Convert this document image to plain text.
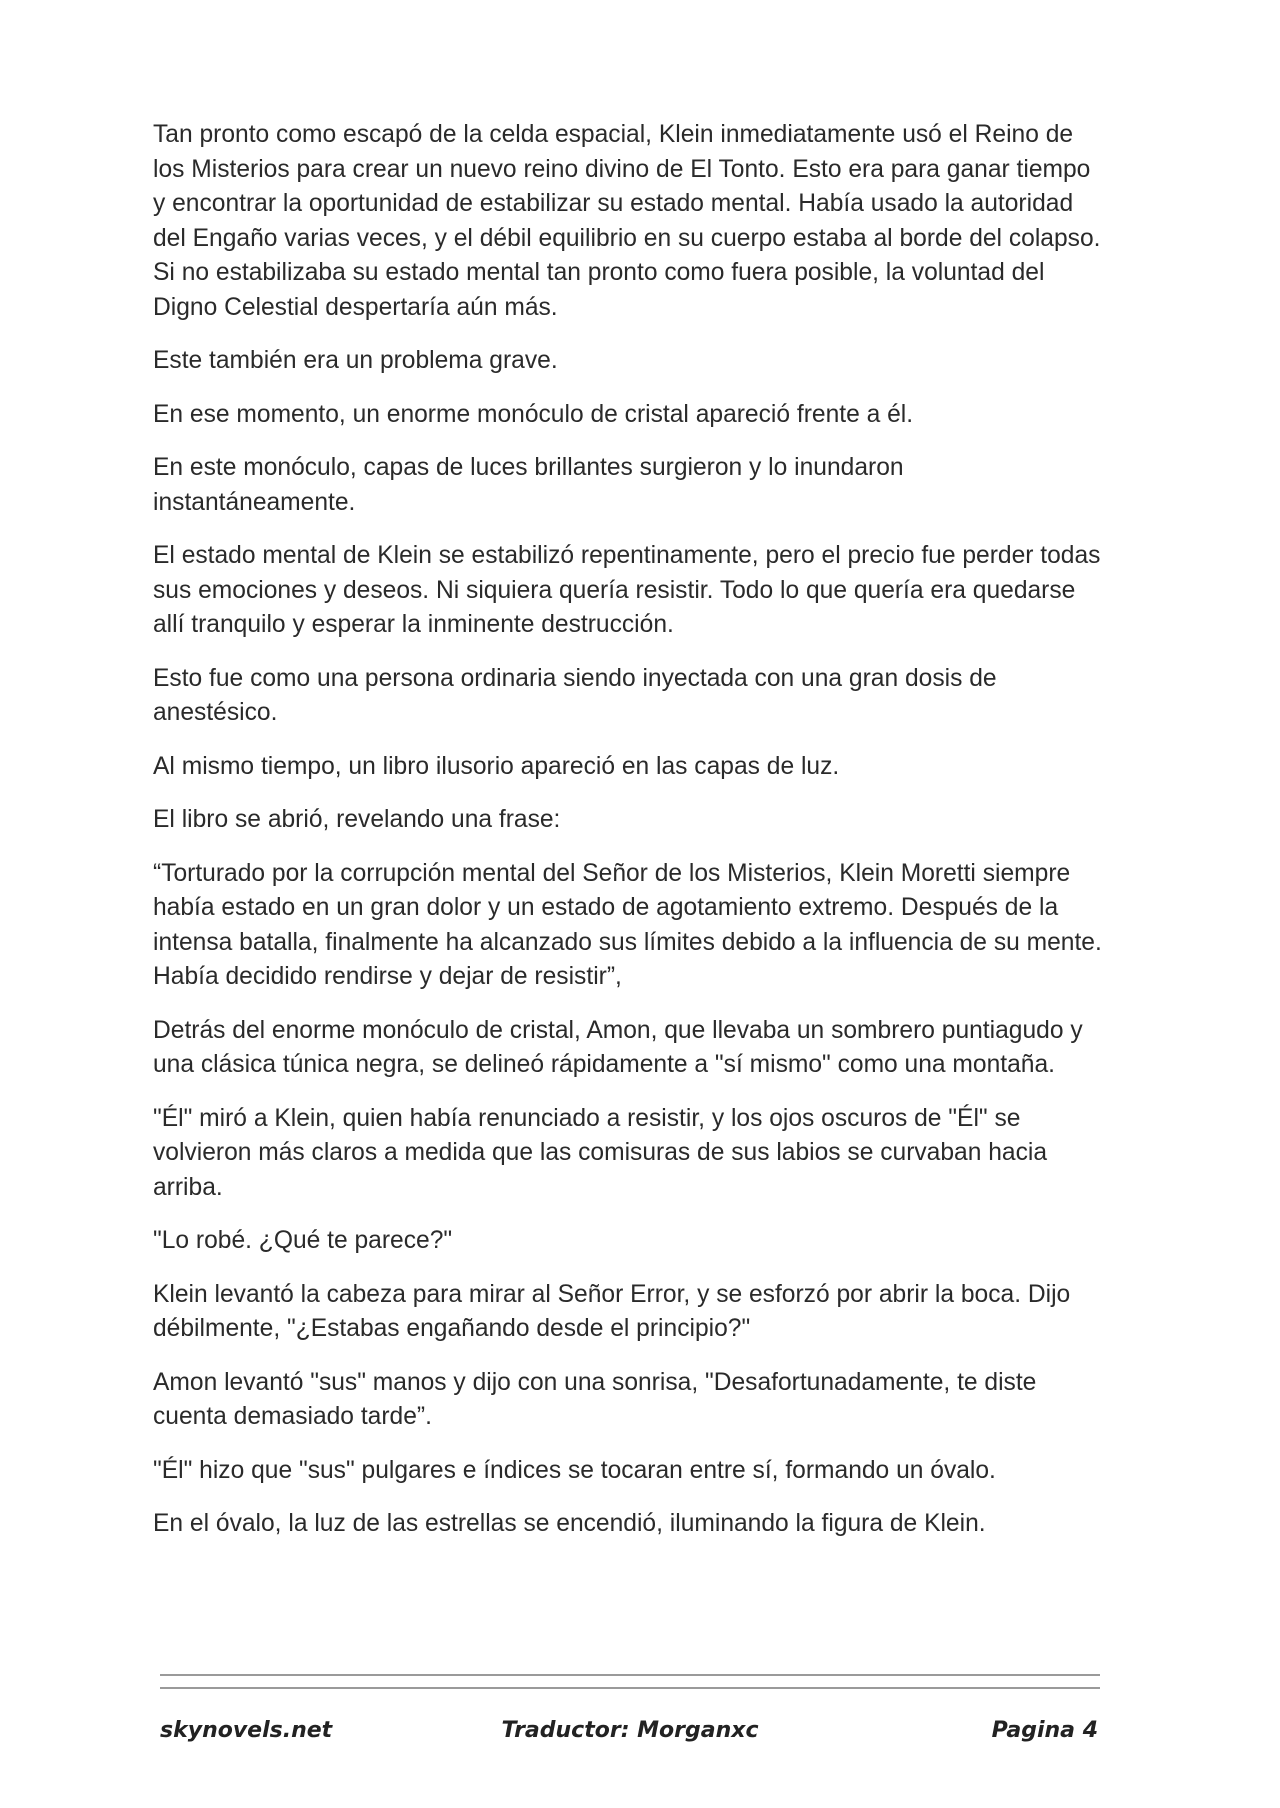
Tan pronto como escapó de la celda espacial, Klein inmediatamente usó el Reino de los Misterios para crear un nuevo reino divino de El Tonto. Esto era para ganar tiempo y encontrar la oportunidad de estabilizar su estado mental. Había usado la autoridad del Engaño varias veces, y el débil equilibrio en su cuerpo estaba al borde del colapso. Si no estabilizaba su estado mental tan pronto como fuera posible, la voluntad del Digno Celestial despertaría aún más.

Este también era un problema grave.

En ese momento, un enorme monóculo de cristal apareció frente a él.

En este monóculo, capas de luces brillantes surgieron y lo inundaron instantáneamente.

El estado mental de Klein se estabilizó repentinamente, pero el precio fue perder todas sus emociones y deseos. Ni siquiera quería resistir. Todo lo que quería era quedarse allí tranquilo y esperar la inminente destrucción.

Esto fue como una persona ordinaria siendo inyectada con una gran dosis de anestésico.

Al mismo tiempo, un libro ilusorio apareció en las capas de luz.

El libro se abrió, revelando una frase:

“Torturado por la corrupción mental del Señor de los Misterios, Klein Moretti siempre había estado en un gran dolor y un estado de agotamiento extremo. Después de la intensa batalla, finalmente ha alcanzado sus límites debido a la influencia de su mente. Había decidido rendirse y dejar de resistir”,

Detrás del enorme monóculo de cristal, Amon, que llevaba un sombrero puntiagudo y una clásica túnica negra, se delineó rápidamente a "sí mismo" como una montaña.

"Él" miró a Klein, quien había renunciado a resistir, y los ojos oscuros de "Él" se volvieron más claros a medida que las comisuras de sus labios se curvaban hacia arriba.

"Lo robé. ¿Qué te parece?"

Klein levantó la cabeza para mirar al Señor Error, y se esforzó por abrir la boca. Dijo débilmente, "¿Estabas engañando desde el principio?"

Amon levantó "sus" manos y dijo con una sonrisa, "Desafortunadamente, te diste cuenta demasiado tarde”.

"Él" hizo que "sus" pulgares e índices se tocaran entre sí, formando un óvalo.

En el óvalo, la luz de las estrellas se encendió, iluminando la figura de Klein.

skynovels.net	Traductor: Morganxc	Pagina 4
